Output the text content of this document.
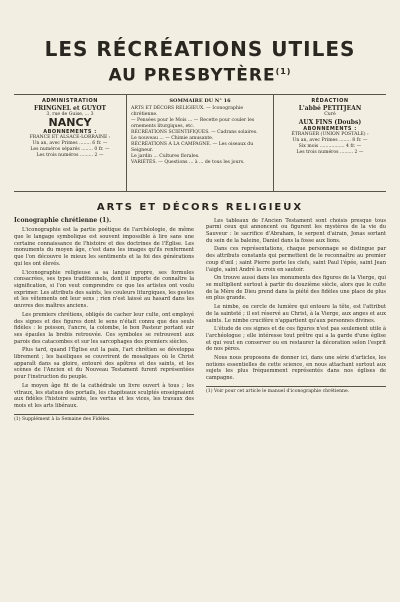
LES RÉCRÉATIONS UTILES
AU PRESBYTÈRE$^{(1)}$
ADMINISTRATION
FRINGNEL et GUYOT
3, rue de Guise, ... 3
NANCY
ABONNEMENTS :
FRANCE ET ALSACE-LORRAINE :
Un an, avec Primes ........ 6 fr. —
Les numéros séparés ........ 0 fr. —
Les trois numéros ......... 2 —
SOMMAIRE DU N° 16
ARTS ET DÉCORS RELIGIEUX. — Iconographie chrétienne.
— Pensées pour le Mois ... — Recette pour couler les
ornements liturgiques, etc.
RÉCRÉATIONS SCIENTIFIQUES. — Cadrans solaires.
Le nouveau ... — Chimie amusante.
RÉCRÉATIONS A LA CAMPAGNE. — Les oiseaux du Seigneur.
Le jardin ... Cultures florales.
VARIÉTÉS. — Questions ... à ... de tous les jours.
RÉDACTION
L'abbé PETITJEAN
Curé
AUX FINS (Doubs)
ABONNEMENTS :
ÉTRANGER (UNION POSTALE) :
Un an, avec Primes ........ 8 fr. —
Six mois ................. 4 fr. —
Les trois numéros ......... 2 —
ARTS ET DÉCORS RELIGIEUX
Iconographie chrétienne (1).

L'iconographie est la partie poétique de l'archéologie, de même que le langage symbolique est souvent impossible à lire sans une certaine connaissance de l'histoire et des doctrines de l'Église. Les monuments du moyen âge, c'est dans les images qu'ils renferment que l'on découvre le mieux les sentiments et la foi des générations qui les ont élevés.

L'iconographie religieuse a sa langue propre, ses formules consacrées, ses types traditionnels, dont il importe de connaître la signification, si l'on veut comprendre ce que les artistes ont voulu exprimer. Les attributs des saints, les couleurs liturgiques, les gestes et les vêtements ont leur sens ; rien n'est laissé au hasard dans les œuvres des maîtres anciens.

Les premiers chrétiens, obligés de cacher leur culte, ont employé des signes et des figures dont le sens n'était connu que des seuls fidèles : le poisson, l'ancre, la colombe, le bon Pasteur portant sur ses épaules la brebis retrouvée. Ces symboles se retrouvent aux parois des catacombes et sur les sarcophages des premiers siècles.

Plus tard, quand l'Église eut la paix, l'art chrétien se développa librement ; les basiliques se couvrirent de mosaïques où le Christ apparaît dans sa gloire, entouré des apôtres et des saints, et les scènes de l'Ancien et du Nouveau Testament furent représentées pour l'instruction du peuple.

Le moyen âge fit de la cathédrale un livre ouvert à tous ; les vitraux, les statues des portails, les chapiteaux sculptés enseignaient aux fidèles l'histoire sainte, les vertus et les vices, les travaux des mois et les arts libéraux.

(1) Supplément à la Semaine des Fidèles.

Les tableaux de l'Ancien Testament sont choisis presque tous parmi ceux qui annoncent ou figurent les mystères de la vie du Sauveur : le sacrifice d'Abraham, le serpent d'airain, Jonas sortant du sein de la baleine, Daniel dans la fosse aux lions.

Dans ces représentations, chaque personnage se distingue par des attributs constants qui permettent de le reconnaître au premier coup d'œil ; saint Pierre porte les clefs, saint Paul l'épée, saint Jean l'aigle, saint André la croix en sautoir.

On trouve aussi dans les monuments des figures de la Vierge, qui se multiplient surtout à partir du douzième siècle, alors que le culte de la Mère de Dieu prend dans la piété des fidèles une place de plus en plus grande.

Le nimbe, ou cercle de lumière qui entoure la tête, est l'attribut de la sainteté ; il est réservé au Christ, à la Vierge, aux anges et aux saints. Le nimbe crucifère n'appartient qu'aux personnes divines.

L'étude de ces signes et de ces figures n'est pas seulement utile à l'archéologue ; elle intéresse tout prêtre qui a la garde d'une église et qui veut en conserver ou en restaurer la décoration selon l'esprit de nos pères.

Nous nous proposons de donner ici, dans une série d'articles, les notions essentielles de cette science, en nous attachant surtout aux sujets les plus fréquemment représentés dans nos églises de campagne.

(1) Voir pour cet article le manuel d'iconographie chrétienne.
